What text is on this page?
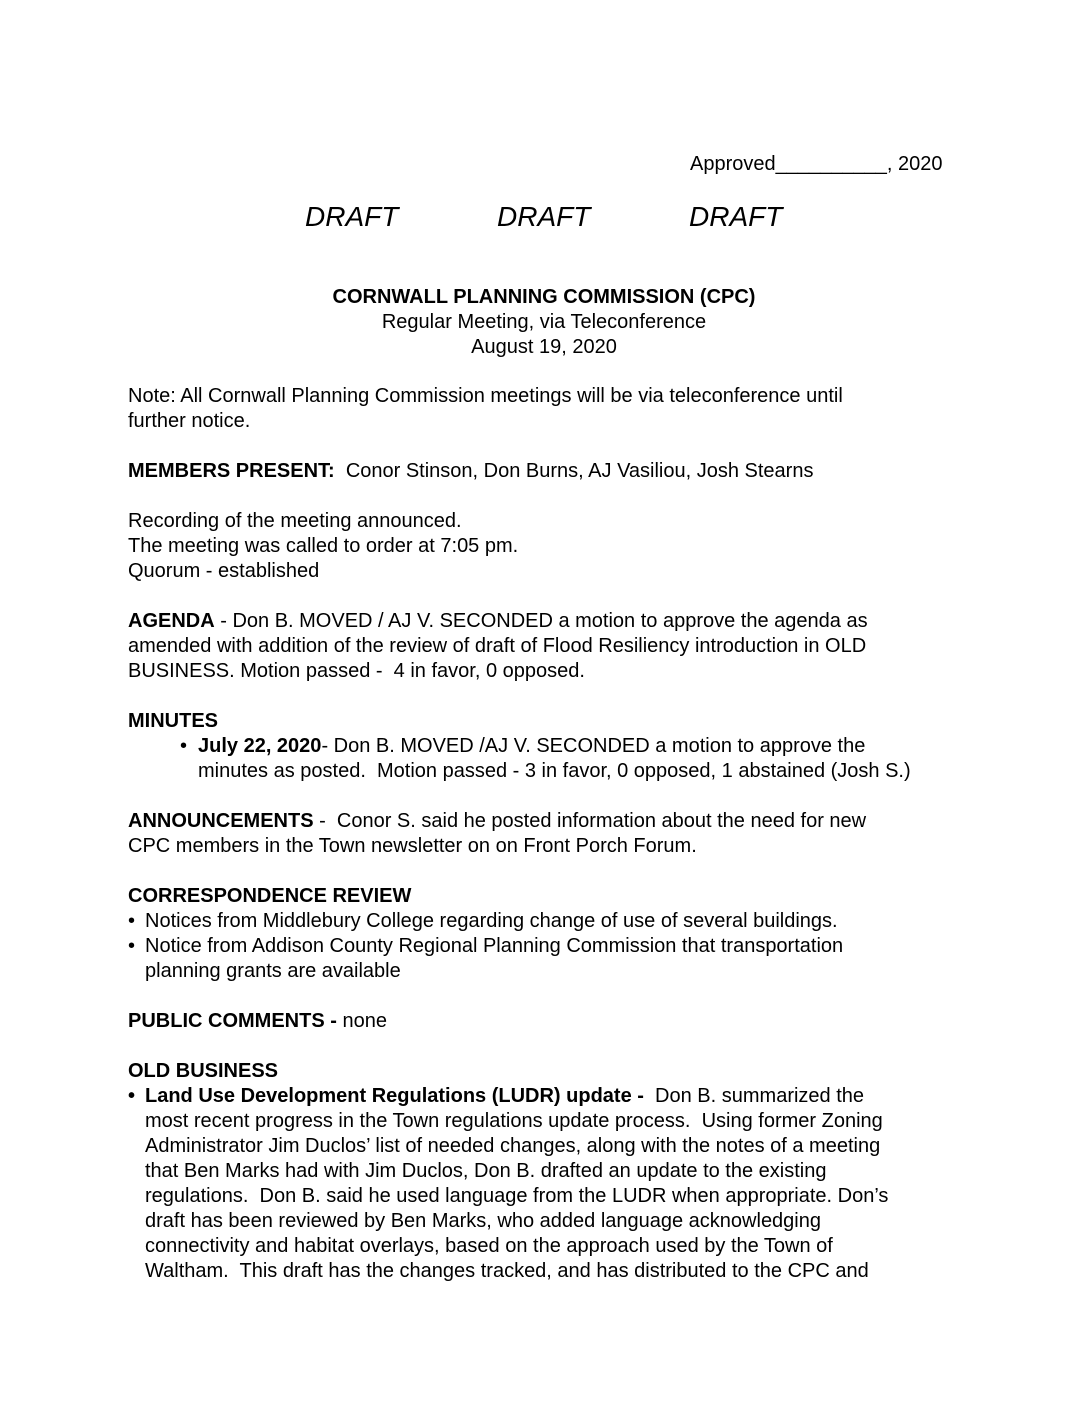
Approved__________, 2020
DRAFT	DRAFT	DRAFT
CORNWALL PLANNING COMMISSION (CPC)
Regular Meeting, via Teleconference
August 19, 2020
Note: All Cornwall Planning Commission meetings will be via teleconference until
further notice.
MEMBERS PRESENT:  Conor Stinson, Don Burns, AJ Vasiliou, Josh Stearns
Recording of the meeting announced.
The meeting was called to order at 7:05 pm.
Quorum - established
AGENDA - Don B. MOVED / AJ V. SECONDED a motion to approve the agenda as
amended with addition of the review of draft of Flood Resiliency introduction in OLD
BUSINESS. Motion passed -  4 in favor, 0 opposed.
MINUTES
• July 22, 2020- Don B. MOVED /AJ V. SECONDED a motion to approve the
minutes as posted.  Motion passed - 3 in favor, 0 opposed, 1 abstained (Josh S.)
ANNOUNCEMENTS -  Conor S. said he posted information about the need for new
CPC members in the Town newsletter on on Front Porch Forum.
CORRESPONDENCE REVIEW
• Notices from Middlebury College regarding change of use of several buildings.
• Notice from Addison County Regional Planning Commission that transportation
planning grants are available
PUBLIC COMMENTS - none
OLD BUSINESS
• Land Use Development Regulations (LUDR) update -  Don B. summarized the
most recent progress in the Town regulations update process.  Using former Zoning
Administrator Jim Duclos’ list of needed changes, along with the notes of a meeting
that Ben Marks had with Jim Duclos, Don B. drafted an update to the existing
regulations.  Don B. said he used language from the LUDR when appropriate. Don’s
draft has been reviewed by Ben Marks, who added language acknowledging
connectivity and habitat overlays, based on the approach used by the Town of
Waltham.  This draft has the changes tracked, and has distributed to the CPC and
